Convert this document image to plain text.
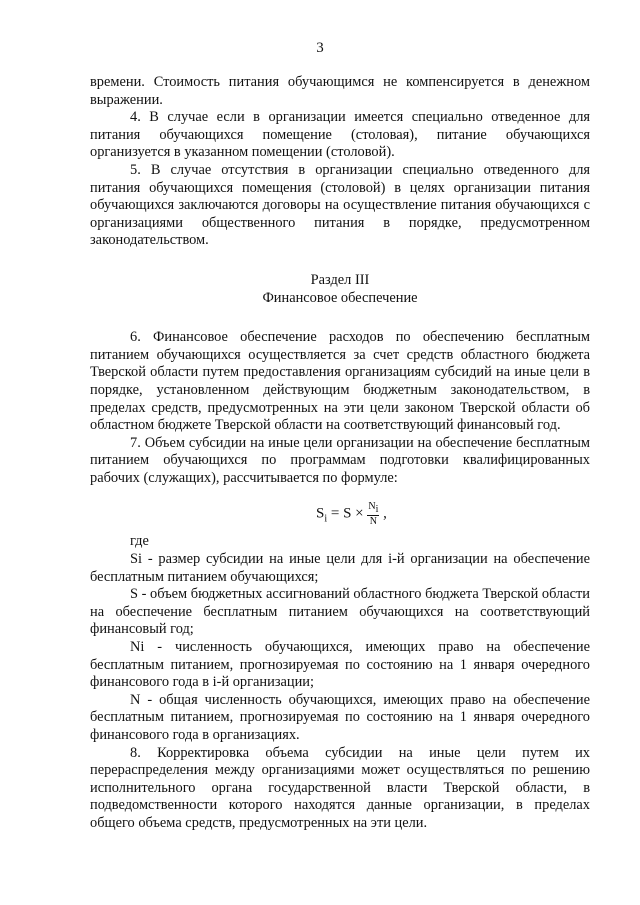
3

времени. Стоимость питания обучающимся не компенсируется в денежном выражении.

4. В случае если в организации имеется специально отведенное для питания обучающихся помещение (столовая), питание обучающихся организуется в указанном помещении (столовой).

5. В случае отсутствия в организации специально отведенного для питания обучающихся помещения (столовой) в целях организации питания обучающихся заключаются договоры на осуществление питания обучающихся с организациями общественного питания в порядке, предусмотренном законодательством.

Раздел III

Финансовое обеспечение

6. Финансовое обеспечение расходов по обеспечению бесплатным питанием обучающихся осуществляется за счет средств областного бюджета Тверской области путем предоставления организациям субсидий на иные цели в порядке, установленном действующим бюджетным законодательством, в пределах средств, предусмотренных на эти цели законом Тверской области об областном бюджете Тверской области на соответствующий финансовый год.

7. Объем субсидии на иные цели организации на обеспечение бесплатным питанием обучающихся по программам подготовки квалифицированных рабочих (служащих), рассчитывается по формуле:

$S_i = S \times \frac{N_i}{N}$ ,

где

Si - размер субсидии на иные цели для i-й организации на обеспечение бесплатным питанием обучающихся;

S - объем бюджетных ассигнований областного бюджета Тверской области на обеспечение бесплатным питанием обучающихся на соответствующий финансовый год;

Ni - численность обучающихся, имеющих право на обеспечение бесплатным питанием, прогнозируемая по состоянию на 1 января очередного финансового года в i-й организации;

N - общая численность обучающихся, имеющих право на обеспечение бесплатным питанием, прогнозируемая по состоянию на 1 января очередного финансового года в организациях.

8. Корректировка объема субсидии на иные цели путем их перераспределения между организациями может осуществляться по решению исполнительного органа государственной власти Тверской области, в подведомственности которого находятся данные организации, в пределах общего объема средств, предусмотренных на эти цели.
